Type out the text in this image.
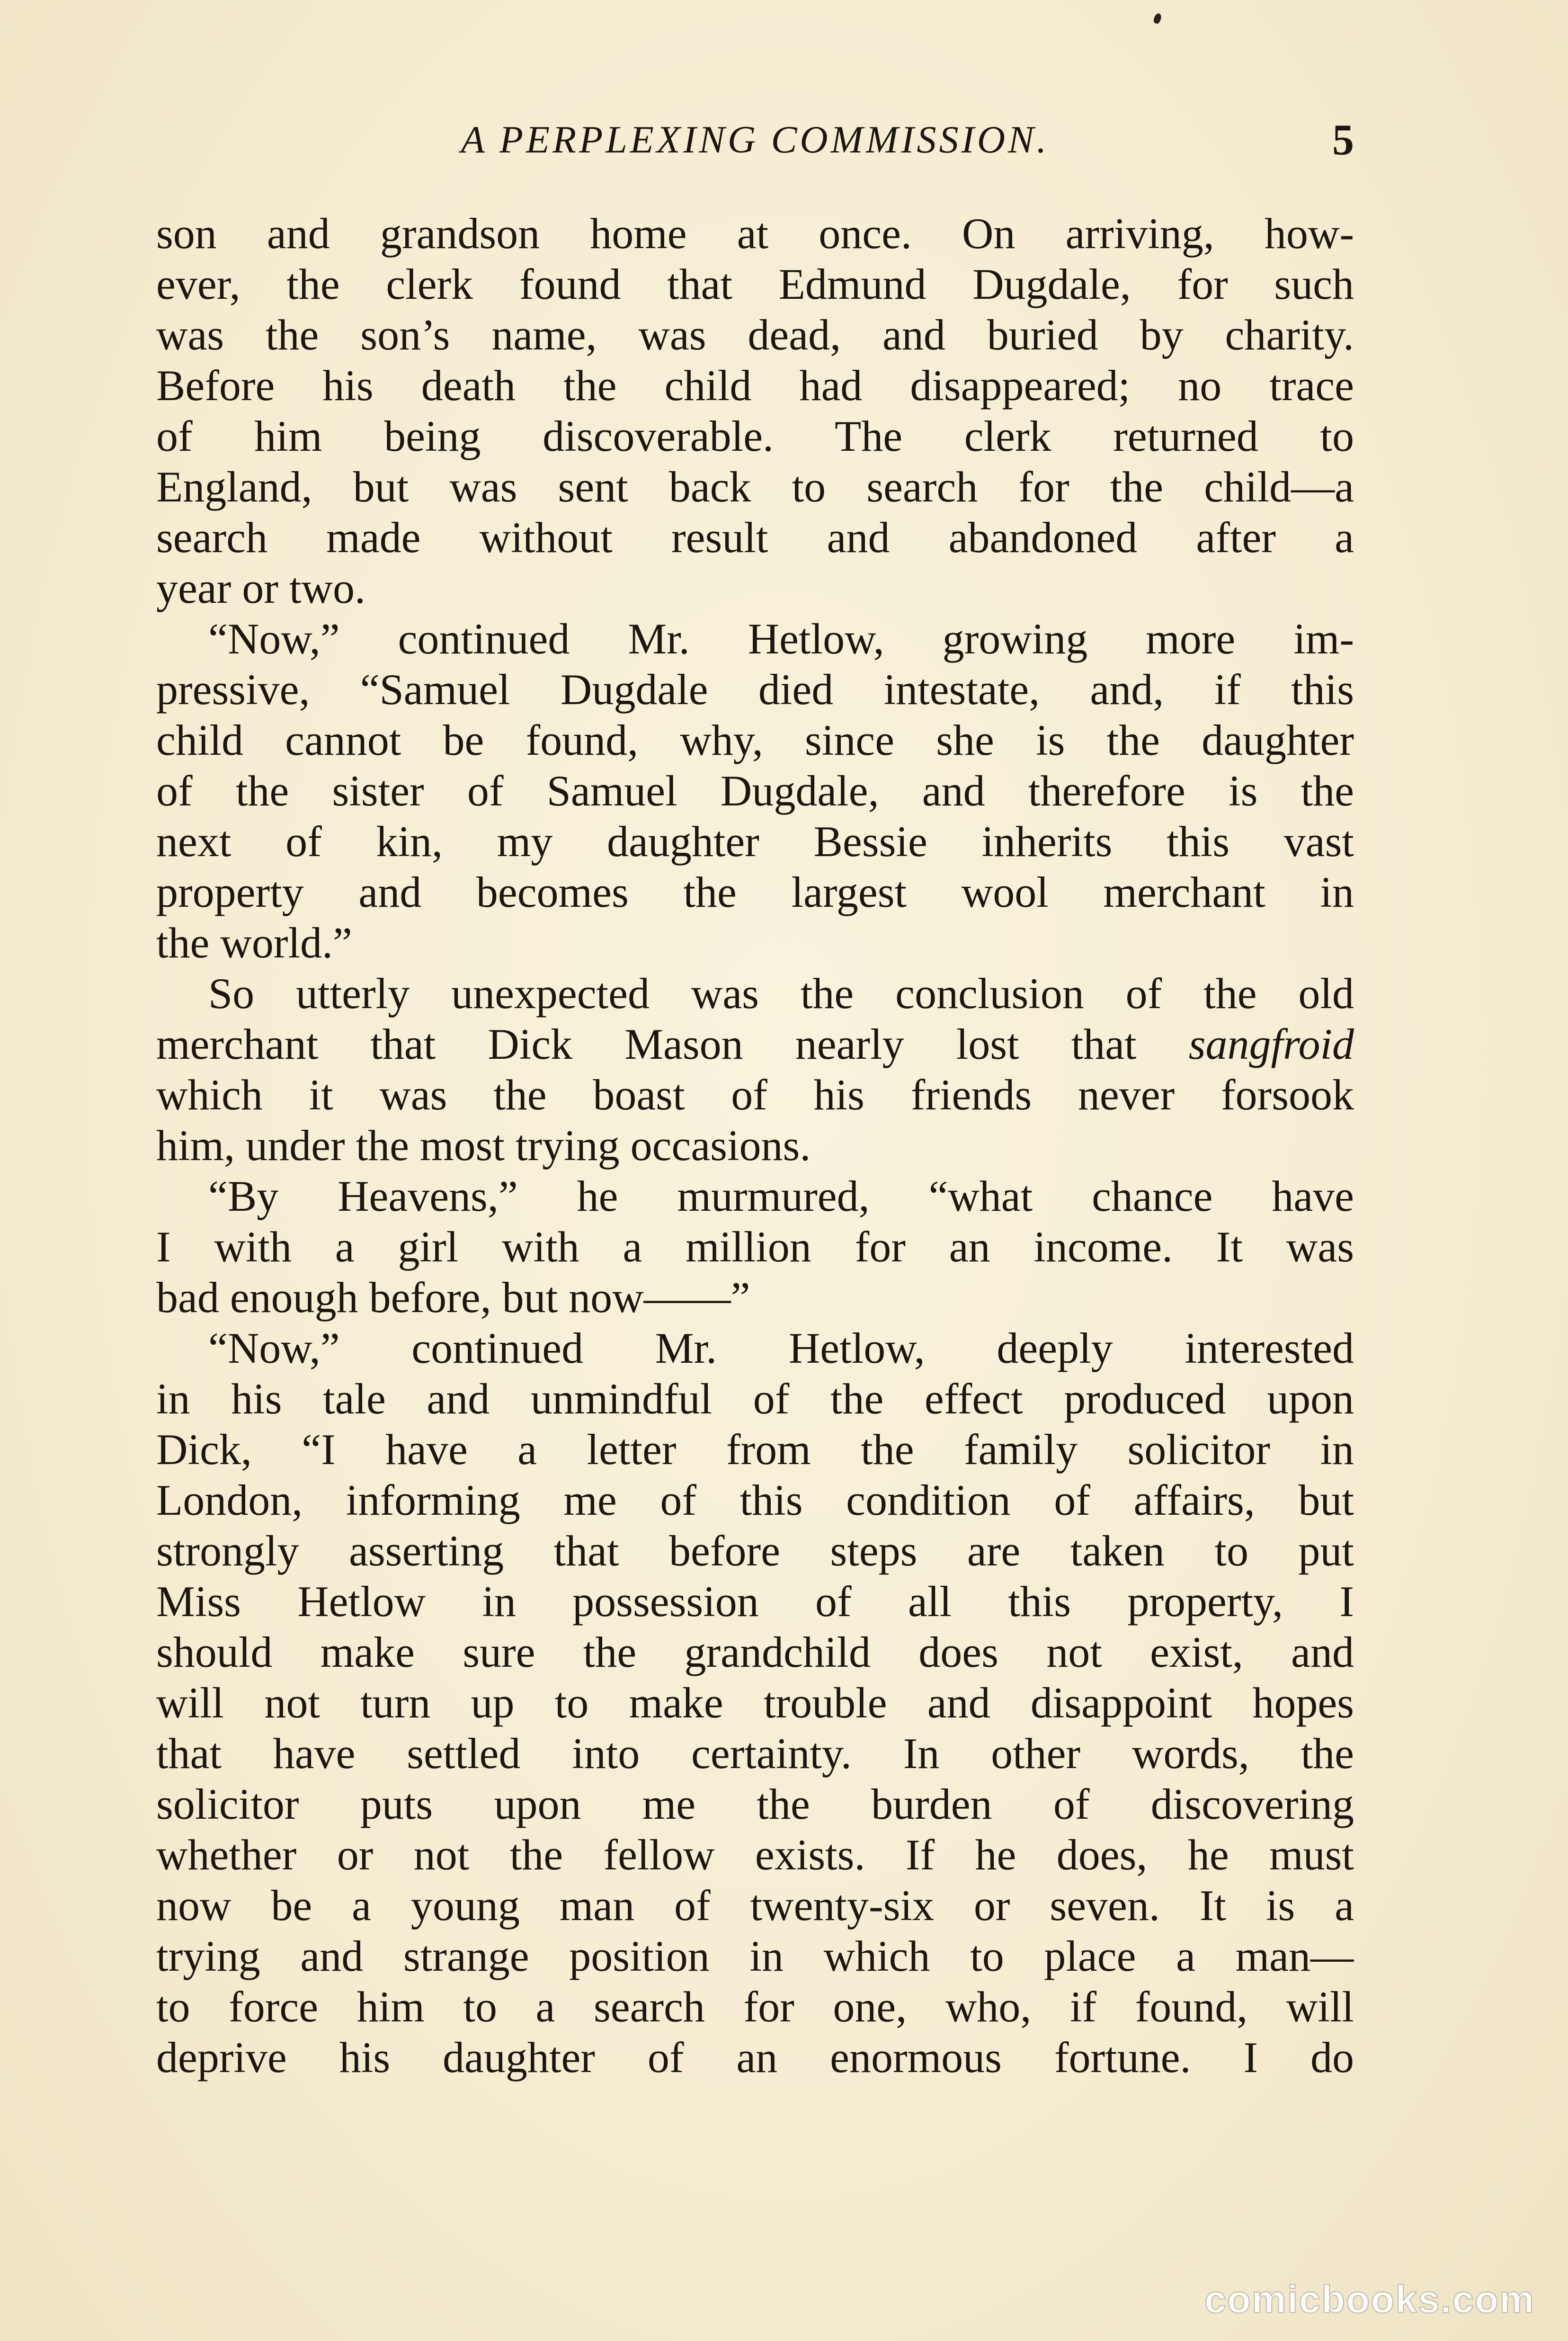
A PERPLEXING COMMISSION.	5
son and grandson home at once. On arriving, how-
ever, the clerk found that Edmund Dugdale, for such
was the son’s name, was dead, and buried by charity.
Before his death the child had disappeared; no trace
of him being discoverable. The clerk returned to
England, but was sent back to search for the child—a
search made without result and abandoned after a
year or two.
“Now,” continued Mr. Hetlow, growing more im-
pressive, “Samuel Dugdale died intestate, and, if this
child cannot be found, why, since she is the daughter
of the sister of Samuel Dugdale, and therefore is the
next of kin, my daughter Bessie inherits this vast
property and becomes the largest wool merchant in
the world.”
So utterly unexpected was the conclusion of the old
merchant that Dick Mason nearly lost that sangfroid
which it was the boast of his friends never forsook
him, under the most trying occasions.
“By Heavens,” he murmured, “what chance have
I with a girl with a million for an income. It was
bad enough before, but now——”
“Now,” continued Mr. Hetlow, deeply interested
in his tale and unmindful of the effect produced upon
Dick, “I have a letter from the family solicitor in
London, informing me of this condition of affairs, but
strongly asserting that before steps are taken to put
Miss Hetlow in possession of all this property, I
should make sure the grandchild does not exist, and
will not turn up to make trouble and disappoint hopes
that have settled into certainty. In other words, the
solicitor puts upon me the burden of discovering
whether or not the fellow exists. If he does, he must
now be a young man of twenty-six or seven. It is a
trying and strange position in which to place a man—
to force him to a search for one, who, if found, will
deprive his daughter of an enormous fortune. I do
comicbooks.com
